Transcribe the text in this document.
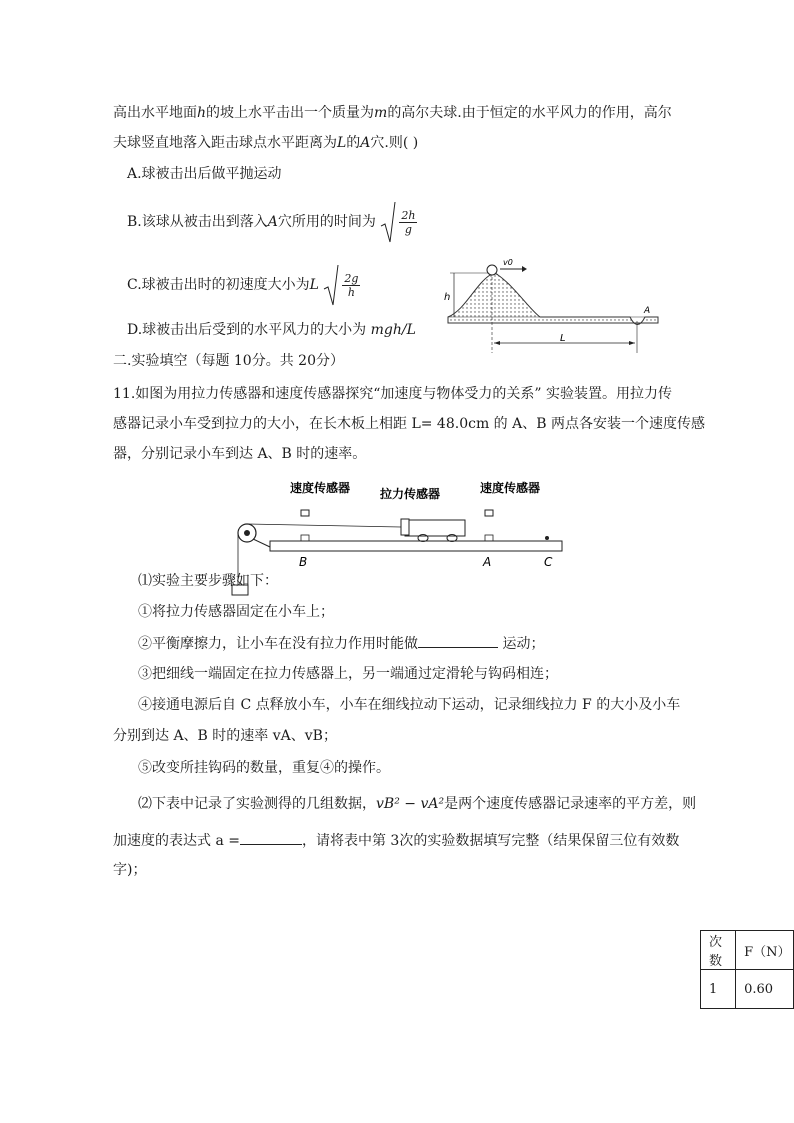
高出水平地面h的坡上水平击出一个质量为m的高尔夫球.由于恒定的水平风力的作用，高尔
夫球竖直地落入距击球点水平距离为L的A穴.则( )
A.球被击出后做平抛运动
B.该球从被击出到落入A穴所用的时间为 $\frac{2h}{g}$
C.球被击出时的初速度大小为L $\frac{2g}{h}$
D.球被击出后受到的水平风力的大小为 mgh/L
v0
h
A
L
二.实验填空（每题 10分。共 20分）
11.如图为用拉力传感器和速度传感器探究“加速度与物体受力的关系” 实验装置。用拉力传
感器记录小车受到拉力的大小，在长木板上相距 L= 48.0cm 的 A、B 两点各安装一个速度传感
器，分别记录小车到达 A、B 时的速率。
速度传感器 拉力传感器	速度传感器
B	A	C
⑴实验主要步骤如下：
①将拉力传感器固定在小车上；
②平衡摩擦力，让小车在没有拉力作用时能做	运动；
③把细线一端固定在拉力传感器上，另一端通过定滑轮与钩码相连；
④接通电源后自 C 点释放小车，小车在细线拉动下运动，记录细线拉力 F 的大小及小车
分别到达 A、B 时的速率 vA、vB；
⑤改变所挂钩码的数量，重复④的操作。
⑵下表中记录了实验测得的几组数据，vB² − vA²是两个速度传感器记录速率的平方差，则
加速度的表达式 a =	，请将表中第 3次的实验数据填写完整（结果保留三位有效数
字)；
次数	F（N）
1	0.60
